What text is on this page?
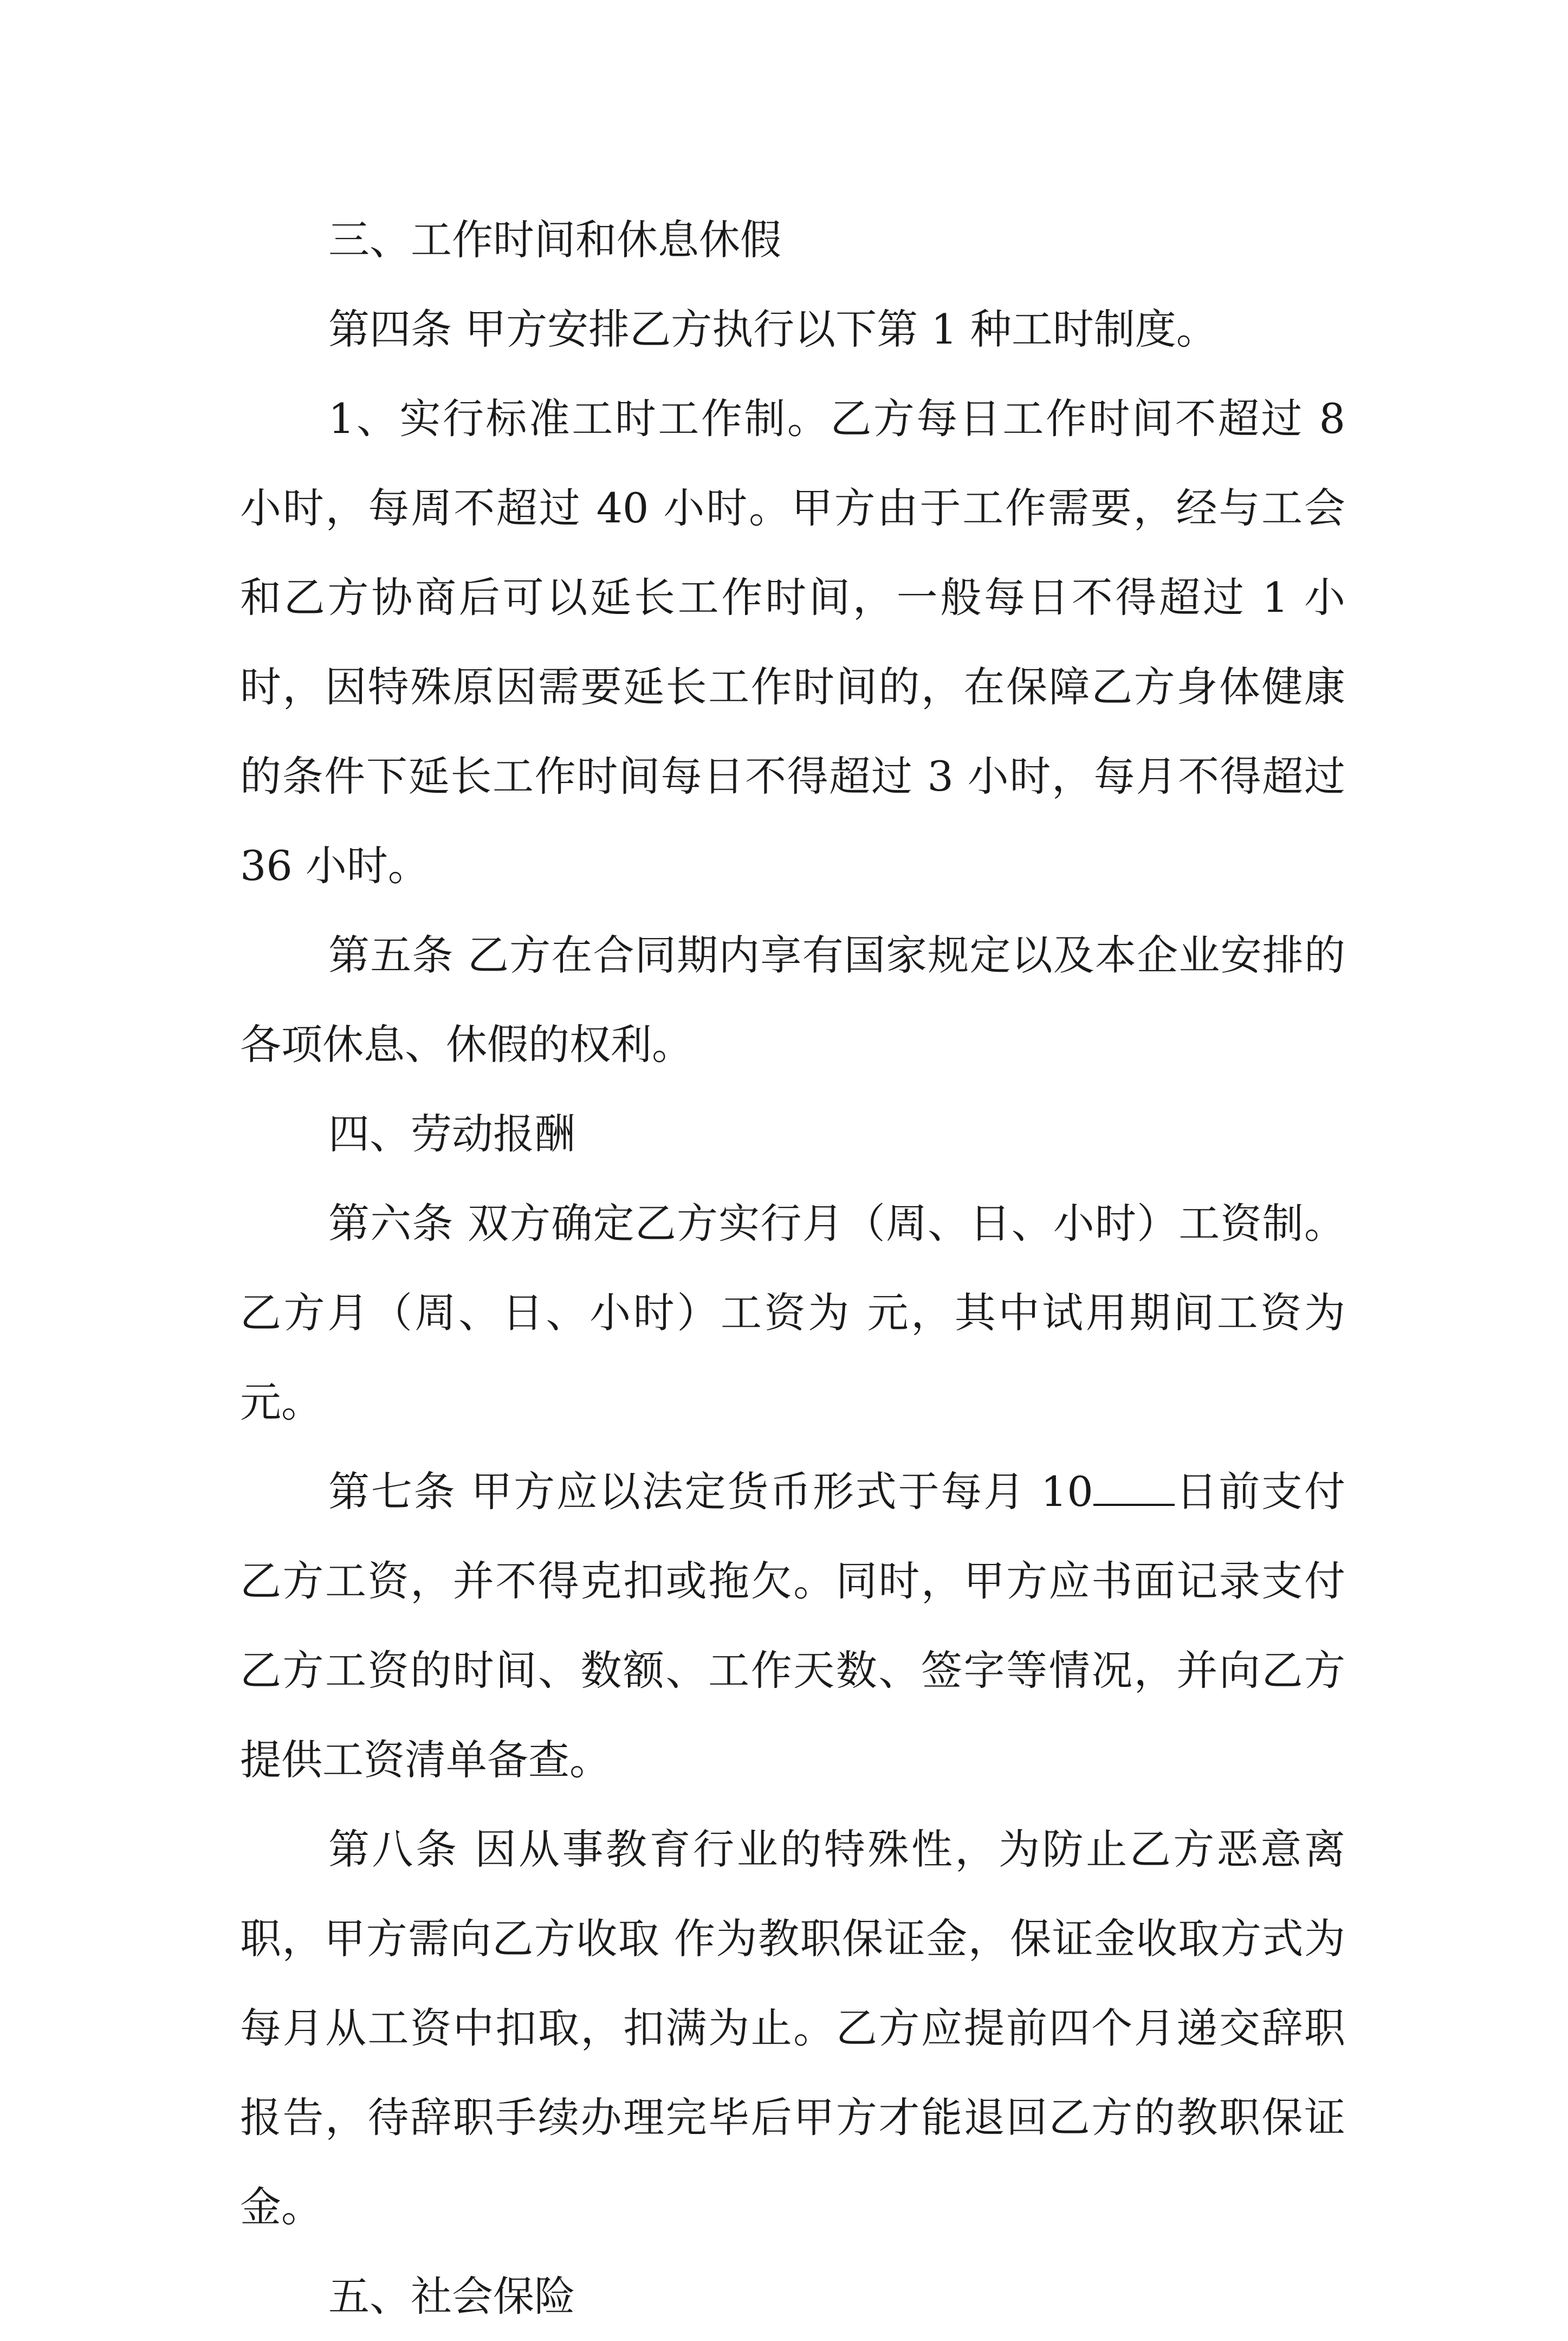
三、工作时间和休息休假

第四条 甲方安排乙方执行以下第 1 种工时制度。

1、实行标准工时工作制。乙方每日工作时间不超过 8 小时，每周不超过 40 小时。甲方由于工作需要，经与工会和乙方协商后可以延长工作时间，一般每日不得超过 1 小时，因特殊原因需要延长工作时间的，在保障乙方身体健康的条件下延长工作时间每日不得超过 3 小时，每月不得超过 36 小时。

第五条 乙方在合同期内享有国家规定以及本企业安排的各项休息、休假的权利。

四、劳动报酬

第六条 双方确定乙方实行月（周、日、小时）工资制。乙方月（周、日、小时）工资为 元，其中试用期间工资为 元。

第七条 甲方应以法定货币形式于每月 10 日前支付乙方工资，并不得克扣或拖欠。同时，甲方应书面记录支付乙方工资的时间、数额、工作天数、签字等情况，并向乙方提供工资清单备查。

第八条 因从事教育行业的特殊性，为防止乙方恶意离职，甲方需向乙方收取 作为教职保证金，保证金收取方式为每月从工资中扣取，扣满为止。乙方应提前四个月递交辞职报告，待辞职手续办理完毕后甲方才能退回乙方的教职保证金。

五、社会保险
